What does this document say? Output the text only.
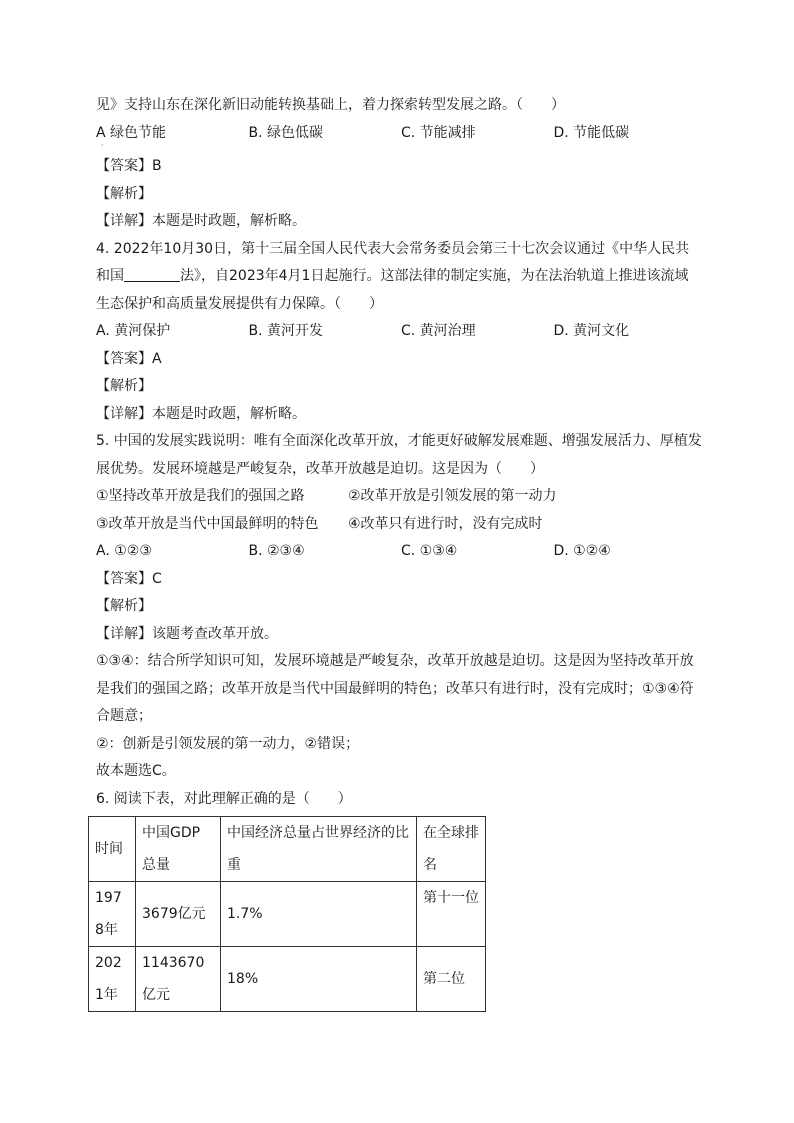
见》支持山东在深化新旧动能转换基础上，着力探索转型发展之路。（　　）
A 绿色节能	B. 绿色低碳	C. 节能减排	D. 节能低碳
·
【答案】B
【解析】
【详解】本题是时政题，解析略。
4. 2022年10月30日，第十三届全国人民代表大会常务委员会第三十七次会议通过《中华人民共
和国	法》，自2023年4月1日起施行。这部法律的制定实施，为在法治轨道上推进该流域
生态保护和高质量发展提供有力保障。（　　）
A. 黄河保护	B. 黄河开发	C. 黄河治理	D. 黄河文化
【答案】A
【解析】
【详解】本题是时政题，解析略。
5. 中国的发展实践说明：唯有全面深化改革开放，才能更好破解发展难题、增强发展活力、厚植发
展优势。发展环境越是严峻复杂，改革开放越是迫切。这是因为（　　）
①坚持改革开放是我们的强国之路	②改革开放是引领发展的第一动力
③改革开放是当代中国最鲜明的特色	④改革只有进行时，没有完成时
A. ①②③	B. ②③④	C. ①③④	D. ①②④
【答案】C
【解析】
【详解】该题考查改革开放。
①③④：结合所学知识可知，发展环境越是严峻复杂，改革开放越是迫切。这是因为坚持改革开放
是我们的强国之路；改革开放是当代中国最鲜明的特色；改革只有进行时，没有完成时；①③④符
合题意；
②：创新是引领发展的第一动力，②错误；
故本题选C。
6. 阅读下表，对此理解正确的是（　　）
时间	中国GDP总量	中国经济总量占世界经济的比重	在全球排名
1978年	3679亿元	1.7%	第十一位
2021年	1143670亿元	18%	第二位
